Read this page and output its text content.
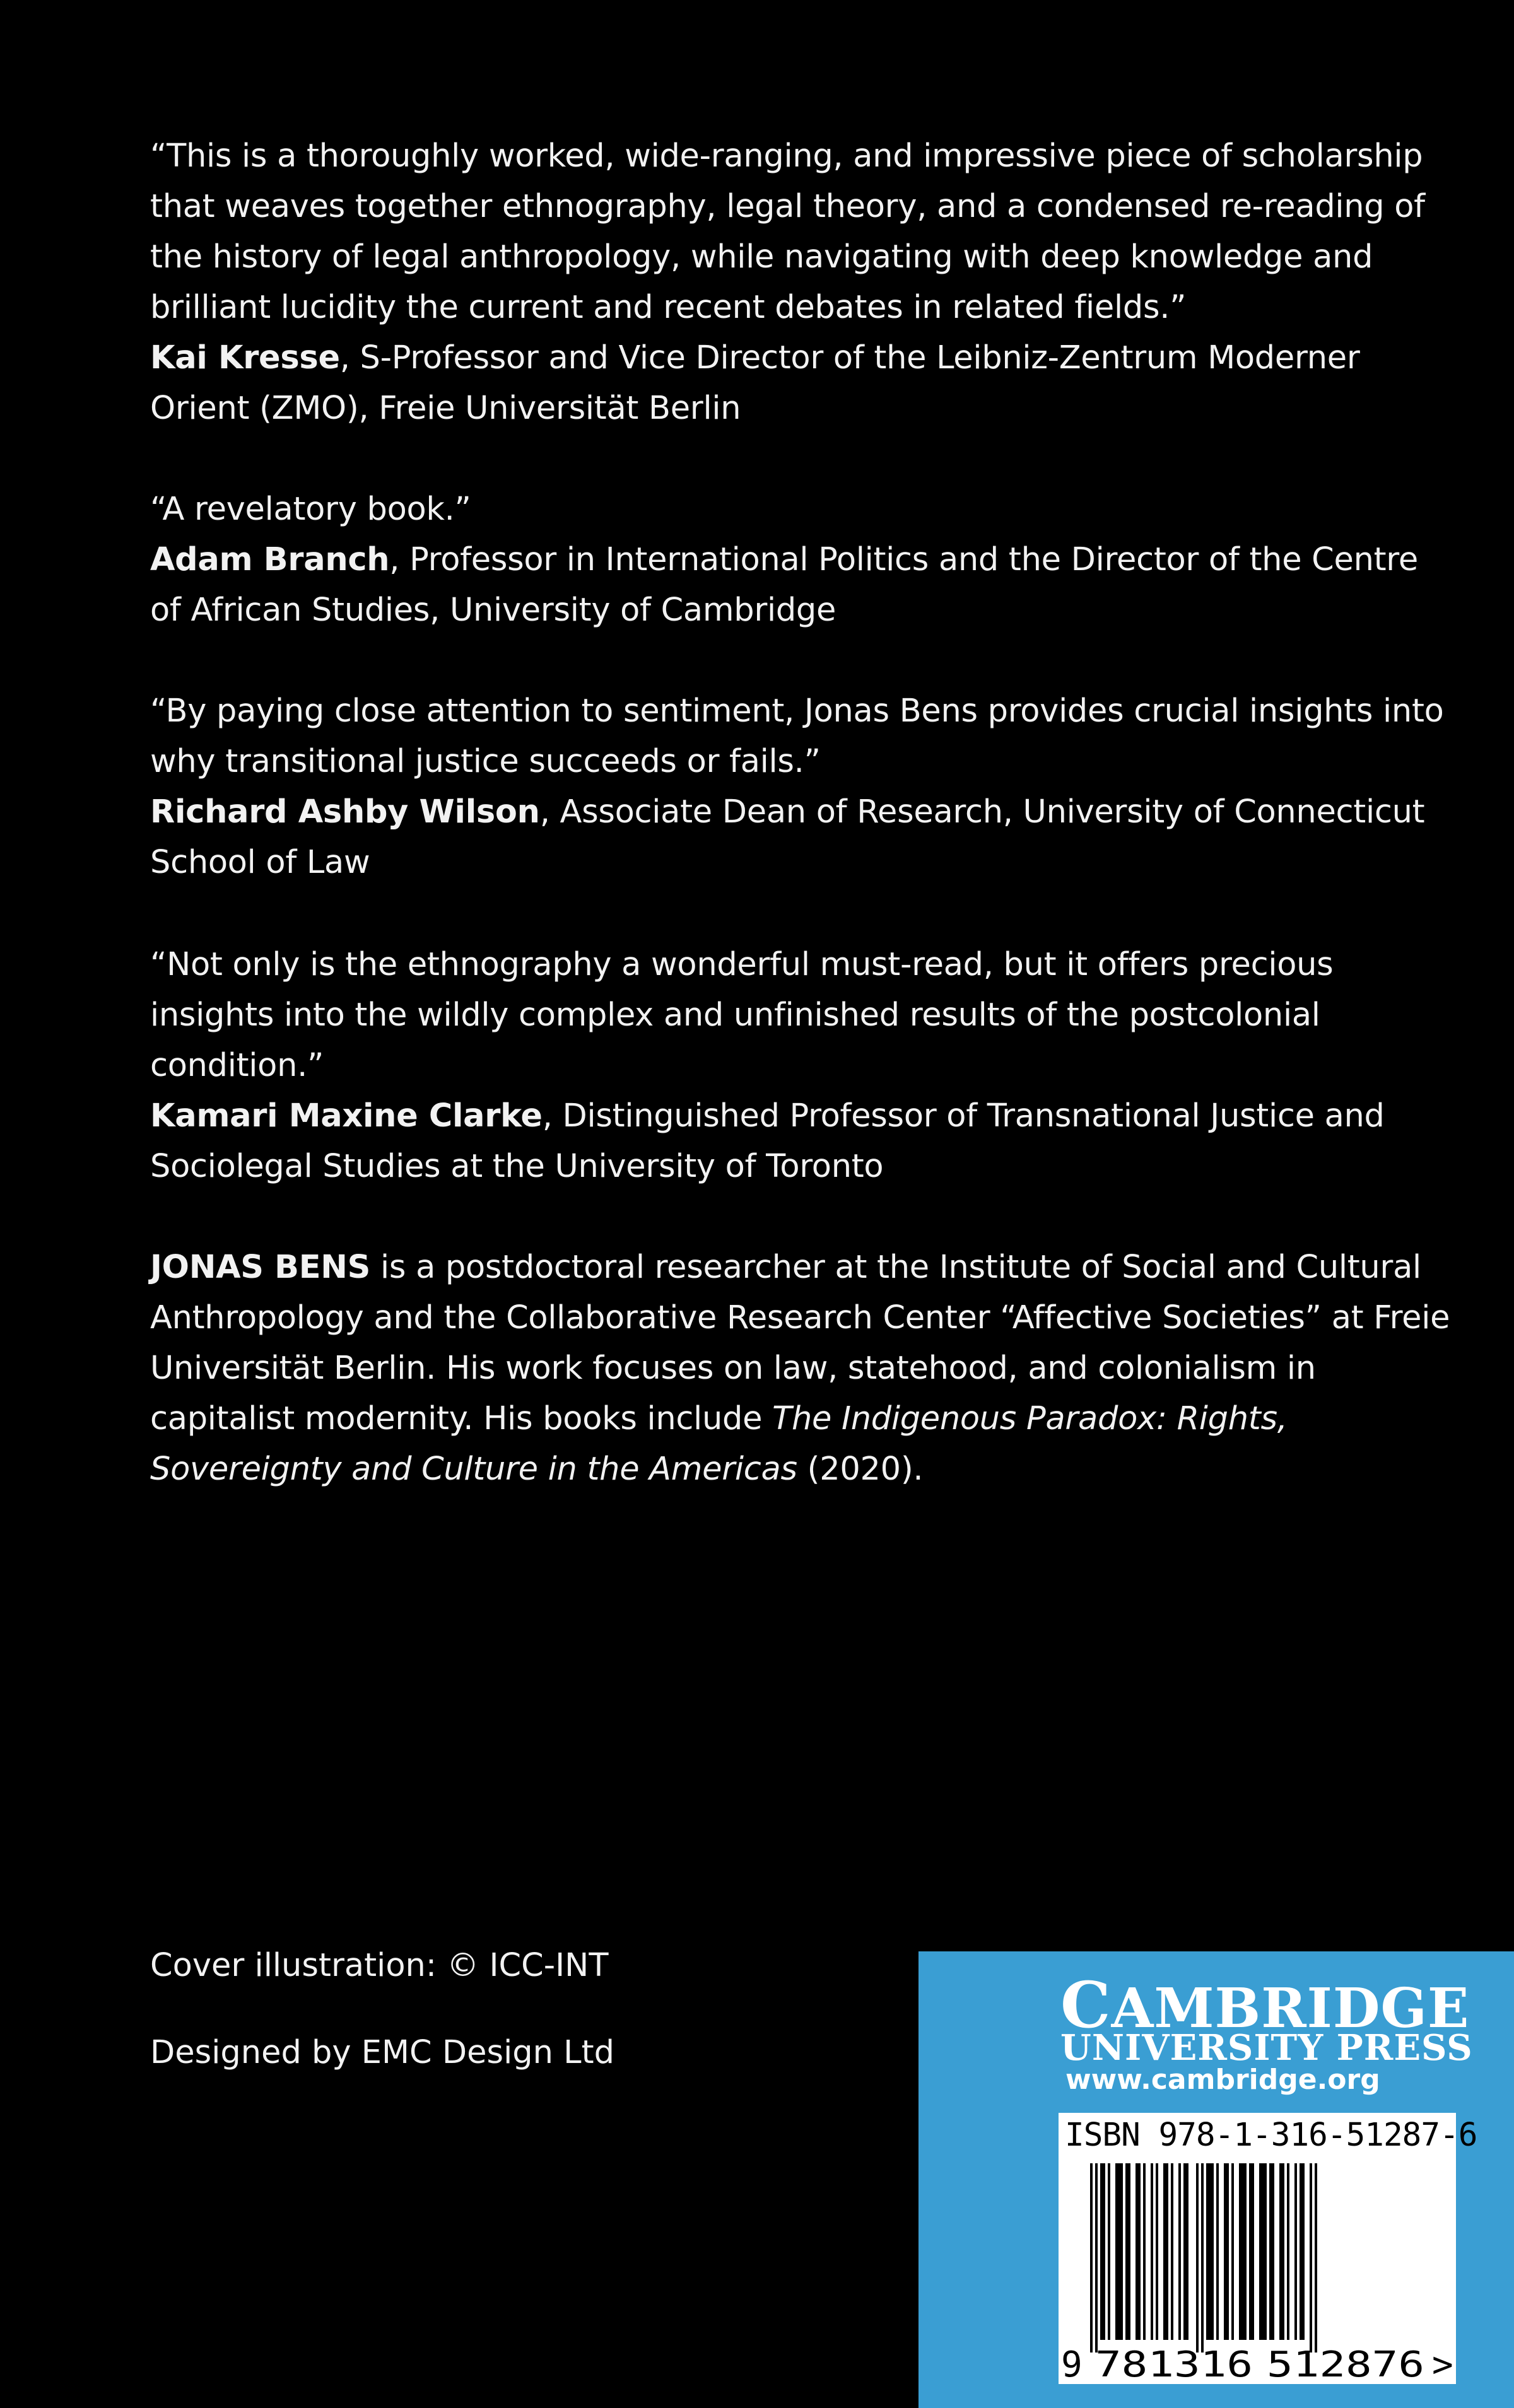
“This is a thoroughly worked, wide-ranging, and impressive piece of scholarship that weaves together ethnography, legal theory, and a condensed re-reading of the history of legal anthropology, while navigating with deep knowledge and brilliant lucidity the current and recent debates in related fields.”

Kai Kresse, S-Professor and Vice Director of the Leibniz-Zentrum Moderner Orient (ZMO), Freie Universität Berlin

“A revelatory book.”

Adam Branch, Professor in International Politics and the Director of the Centre of African Studies, University of Cambridge

“By paying close attention to sentiment, Jonas Bens provides crucial insights into why transitional justice succeeds or fails.”

Richard Ashby Wilson, Associate Dean of Research, University of Connecticut School of Law

“Not only is the ethnography a wonderful must-read, but it offers precious insights into the wildly complex and unfinished results of the postcolonial condition.”

Kamari Maxine Clarke, Distinguished Professor of Transnational Justice and Sociolegal Studies at the University of Toronto

JONAS BENS is a postdoctoral researcher at the Institute of Social and Cultural Anthropology and the Collaborative Research Center “Affective Societies” at Freie Universität Berlin. His work focuses on law, statehood, and colonialism in capitalist modernity. His books include The Indigenous Paradox: Rights, Sovereignty and Culture in the Americas (2020).

Cover illustration: © ICC-INT
Designed by EMC Design Ltd
CAMBRIDGE
UNIVERSITY PRESS
www.cambridge.org
9 781316 512876 >
ISBN 978-1-316-51287-6
